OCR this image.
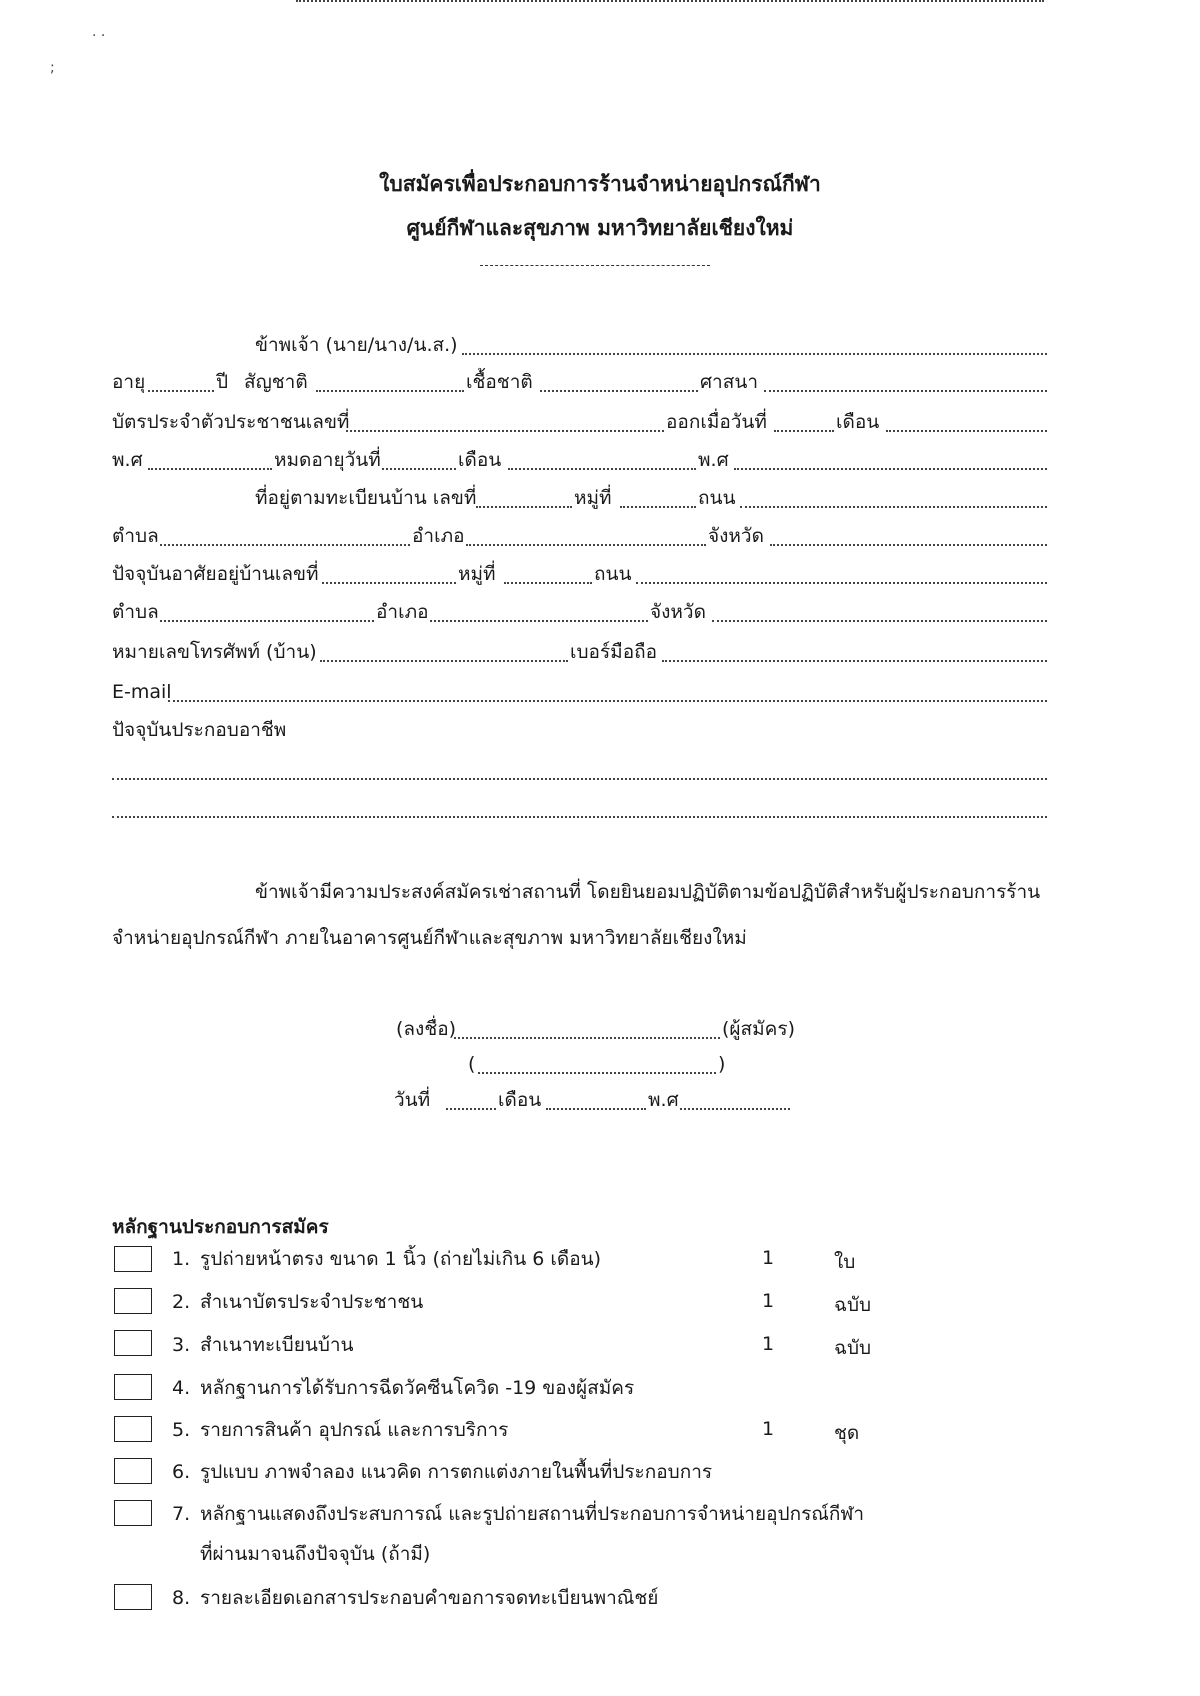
· ·
;
ใบสมัครเพื่อประกอบการร้านจำหน่ายอุปกรณ์กีฬา
ศูนย์กีฬาและสุขภาพ มหาวิทยาลัยเชียงใหม่
ข้าพเจ้า (นาย/นาง/น.ส.)
อายุ	ปี สัญชาติ	เชื้อชาติ	ศาสนา
บัตรประจำตัวประชาชนเลขที่	ออกเมื่อวันที่	เดือน
พ.ศ	หมดอายุวันที่	เดือน	พ.ศ
ที่อยู่ตามทะเบียนบ้าน เลขที่	หมู่ที่	ถนน
ตำบล	อำเภอ	จังหวัด
ปัจจุบันอาศัยอยู่บ้านเลขที่	หมู่ที่	ถนน
ตำบล	อำเภอ	จังหวัด
หมายเลขโทรศัพท์ (บ้าน)	เบอร์มือถือ
E-mail
ปัจจุบันประกอบอาชีพ
ข้าพเจ้ามีความประสงค์สมัครเช่าสถานที่ โดยยินยอมปฏิบัติตามข้อปฏิบัติสำหรับผู้ประกอบการร้าน
จำหน่ายอุปกรณ์กีฬา ภายในอาคารศูนย์กีฬาและสุขภาพ มหาวิทยาลัยเชียงใหม่
(ลงชื่อ)	(ผู้สมัคร)
(	)
วันที่	เดือน	พ.ศ
หลักฐานประกอบการสมัคร
1. รูปถ่ายหน้าตรง ขนาด 1 นิ้ว (ถ่ายไม่เกิน 6 เดือน)	1	ใบ
2. สำเนาบัตรประจำประชาชน	1	ฉบับ
3. สำเนาทะเบียนบ้าน	1	ฉบับ
4. หลักฐานการได้รับการฉีดวัคซีนโควิด -19 ของผู้สมัคร
5. รายการสินค้า อุปกรณ์ และการบริการ	1	ชุด
6. รูปแบบ ภาพจำลอง แนวคิด การตกแต่งภายในพื้นที่ประกอบการ
7. หลักฐานแสดงถึงประสบการณ์ และรูปถ่ายสถานที่ประกอบการจำหน่ายอุปกรณ์กีฬา
ที่ผ่านมาจนถึงปัจจุบัน (ถ้ามี)
8. รายละเอียดเอกสารประกอบคำขอการจดทะเบียนพาณิชย์
